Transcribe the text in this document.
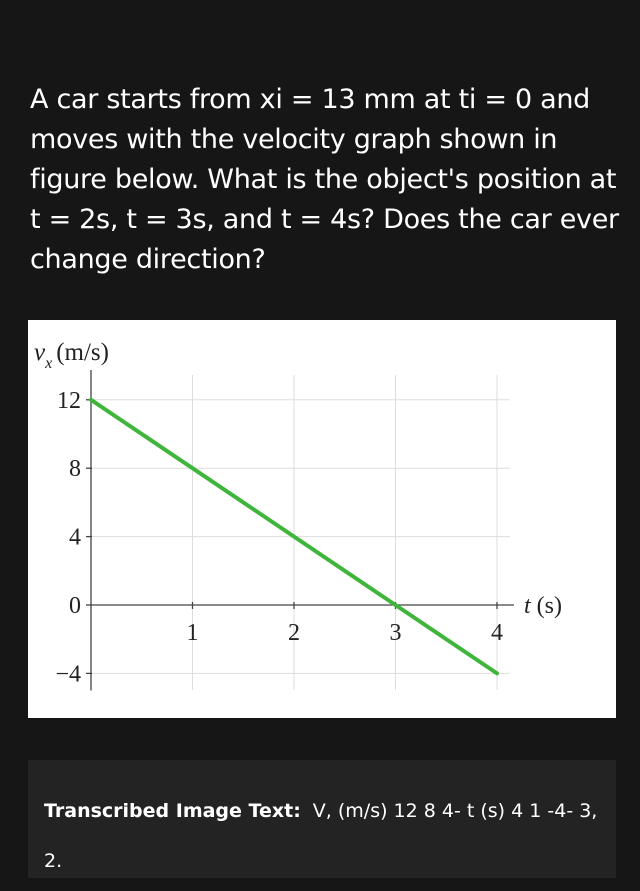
A car starts from xi = 13 mm at ti = 0 and moves with the velocity graph shown in figure below. What is the object's position at t = 2s, t = 3s, and t = 4s? Does the car ever change direction?
12
8
4
0
−4
1	2	3	4
$v_x$ (m/s)
t (s)
Transcribed Image Text: V, (m/s) 12 8 4- t (s) 4 1 -4- 3, 2.
